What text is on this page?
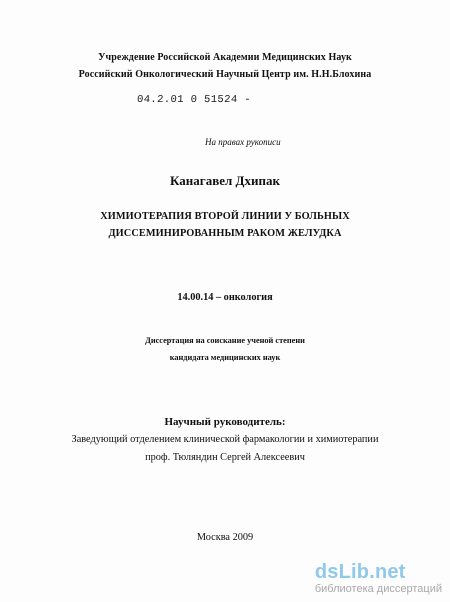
Учреждение Российской Академии Медицинских Наук
Российский Онкологический Научный Центр им. Н.Н.Блохина
04.2.01 0 51524 -
На правах рукописи
Канагавел Дхипак
ХИМИОТЕРАПИЯ ВТОРОЙ ЛИНИИ У БОЛЬНЫХ
ДИССЕМИНИРОВАННЫМ РАКОМ ЖЕЛУДКА
14.00.14 – онкология
Диссертация на соискание ученой степени
кандидата медицинских наук
Научный руководитель:
Заведующий отделением клинической фармакологии и химиотерапии
проф. Тюляндин Сергей Алексеевич
Москва 2009
dsLib.net
библиотека диссертаций
